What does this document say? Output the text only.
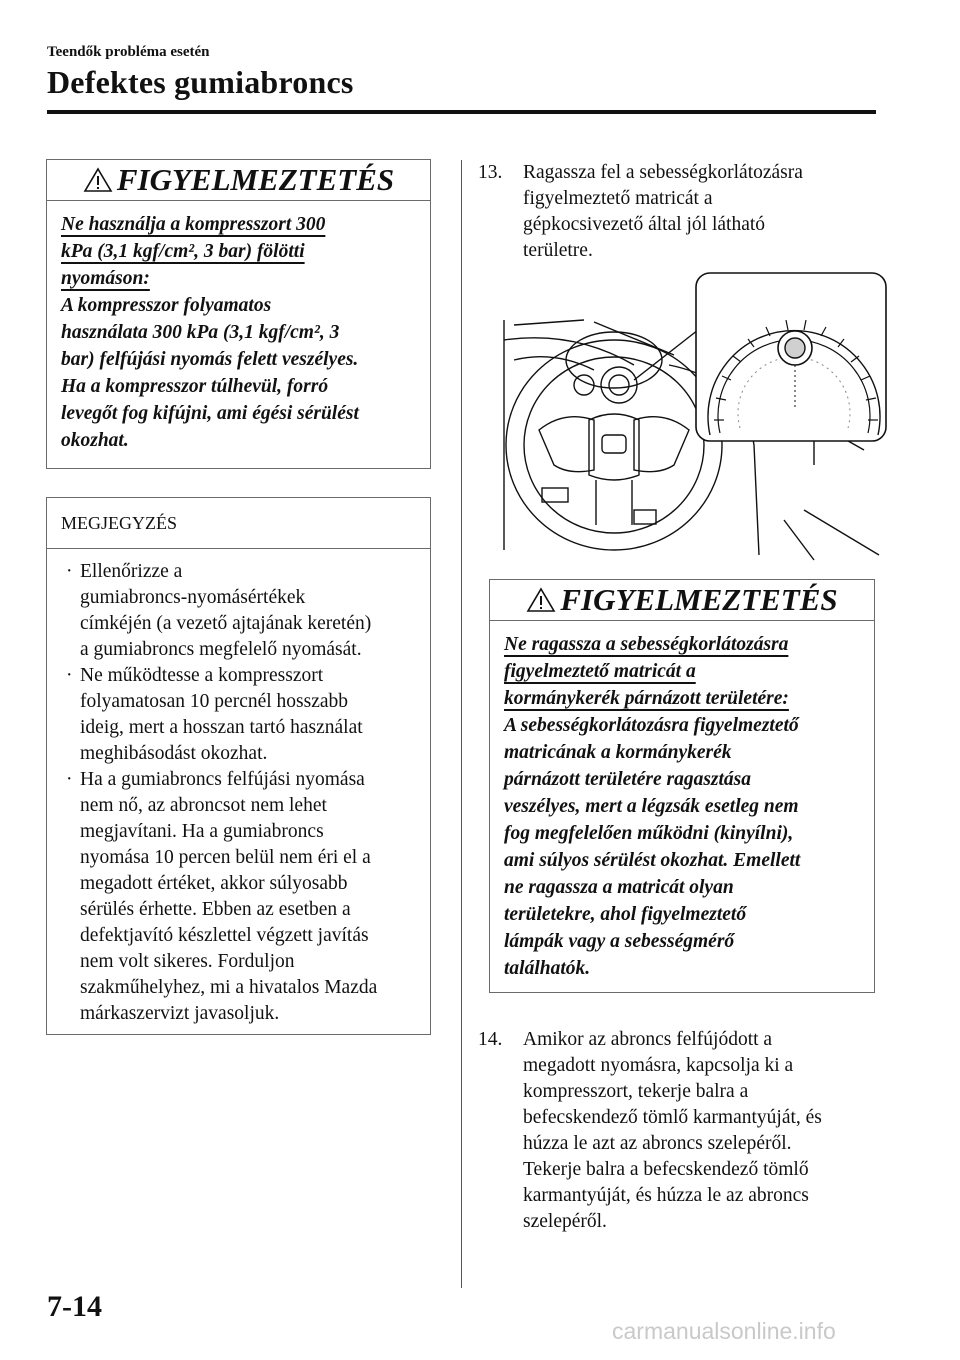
Teendők probléma esetén
Defektes gumiabroncs
FIGYELMEZTETÉS

Ne használja a kompresszort 300

kPa (3,1 kgf/cm², 3 bar) fölötti

nyomáson:

A kompresszor folyamatos

használata 300 kPa (3,1 kgf/cm², 3

bar) felfújási nyomás felett veszélyes.

Ha a kompresszor túlhevül, forró

levegőt fog kifújni, ami égési sérülést

okozhat.

MEGJEGYZÉS
· Ellenőrizze a
gumiabroncs-nyomásértékek
címkéjén (a vezető ajtajának keretén)
a gumiabroncs megfelelő nyomását.
· Ne működtesse a kompresszort
folyamatosan 10 percnél hosszabb
ideig, mert a hosszan tartó használat
meghibásodást okozhat.
· Ha a gumiabroncs felfújási nyomása
nem nő, az abroncsot nem lehet
megjavítani. Ha a gumiabroncs
nyomása 10 percen belül nem éri el a
megadott értéket, akkor súlyosabb
sérülés érhette. Ebben az esetben a
defektjavító készlettel végzett javítás
nem volt sikeres. Forduljon
szakműhelyhez, mi a hivatalos Mazda
márkaszervizt javasoljuk.
13. Ragassza fel a sebességkorlátozásra
figyelmeztető matricát a
gépkocsivezető által jól látható
területre.
FIGYELMEZTETÉS

Ne ragassza a sebességkorlátozásra

figyelmeztető matricát a

kormánykerék párnázott területére:

A sebességkorlátozásra figyelmeztető

matricának a kormánykerék

párnázott területére ragasztása

veszélyes, mert a légzsák esetleg nem

fog megfelelően működni (kinyílni),

ami súlyos sérülést okozhat. Emellett

ne ragassza a matricát olyan

területekre, ahol figyelmeztető

lámpák vagy a sebességmérő

találhatók.

14. Amikor az abroncs felfújódott a
megadott nyomásra, kapcsolja ki a
kompresszort, tekerje balra a
befecskendező tömlő karmantyúját, és
húzza le azt az abroncs szelepéről.
Tekerje balra a befecskendező tömlő
karmantyúját, és húzza le az abroncs
szelepéről.
7-14
carmanualsonline.info
